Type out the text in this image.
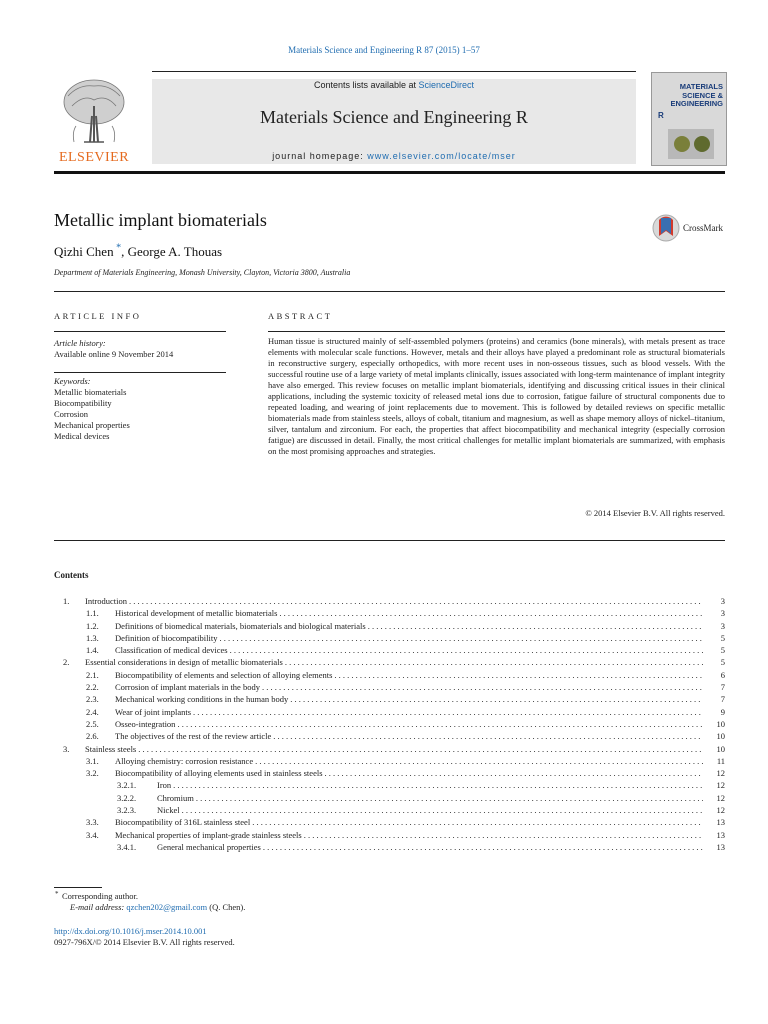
Materials Science and Engineering R 87 (2015) 1–57
ELSEVIER
Contents lists available at ScienceDirect
Materials Science and Engineering R
journal homepage: www.elsevier.com/locate/mser
MATERIALS SCIENCE & ENGINEERING
R
Metallic implant biomaterials	CrossMark
Qizhi Chen *, George A. Thouas
Department of Materials Engineering, Monash University, Clayton, Victoria 3800, Australia
ARTICLE INFO
Article history:
Available online 9 November 2014
Keywords:
Metallic biomaterials
Biocompatibility
Corrosion
Mechanical properties
Medical devices
ABSTRACT
Human tissue is structured mainly of self-assembled polymers (proteins) and ceramics (bone minerals), with metals present as trace elements with molecular scale functions. However, metals and their alloys have played a predominant role as structural biomaterials in reconstructive surgery, especially orthopedics, with more recent uses in non-osseous tissues, such as blood vessels. With the successful routine use of a large variety of metal implants clinically, issues associated with long-term maintenance of implant integrity have also emerged. This review focuses on metallic implant biomaterials, identifying and discussing critical issues in their clinical applications, including the systemic toxicity of released metal ions due to corrosion, fatigue failure of structural components due to repeated loading, and wearing of joint replacements due to movement. This is followed by detailed reviews on specific metallic biomaterials made from stainless steels, alloys of cobalt, titanium and magnesium, as well as shape memory alloys of nickel–titanium, silver, tantalum and zirconium. For each, the properties that affect biocompatibility and mechanical integrity (especially corrosion fatigue) are discussed in detail. Finally, the most critical challenges for metallic implant biomaterials are summarized, with emphasis on the most promising approaches and strategies.
© 2014 Elsevier B.V. All rights reserved.
Contents
1. Introduction . . .	3
1.1. Historical development of metallic biomaterials . . .	3
1.2. Definitions of biomedical materials, biomaterials and biological materials . . .	3
1.3. Definition of biocompatibility . . .	5
1.4. Classification of medical devices . . .	5
2. Essential considerations in design of metallic biomaterials . . .	5
2.1. Biocompatibility of elements and selection of alloying elements . . .	6
2.2. Corrosion of implant materials in the body . . .	7
2.3. Mechanical working conditions in the human body . . .	7
2.4. Wear of joint implants . . .	9
2.5. Osseo-integration . . .	10
2.6. The objectives of the rest of the review article . . .	10
3. Stainless steels . . .	10
3.1. Alloying chemistry: corrosion resistance . . .	11
3.2. Biocompatibility of alloying elements used in stainless steels . . .	12
3.2.1. Iron . . .	12
3.2.2. Chromium . . .	12
3.2.3. Nickel . . .	12
3.3. Biocompatibility of 316L stainless steel . . .	13
3.4. Mechanical properties of implant-grade stainless steels . . .	13
3.4.1. General mechanical properties . . .	13
* Corresponding author.
E-mail address: qzchen202@gmail.com (Q. Chen).
http://dx.doi.org/10.1016/j.mser.2014.10.001
0927-796X/© 2014 Elsevier B.V. All rights reserved.
